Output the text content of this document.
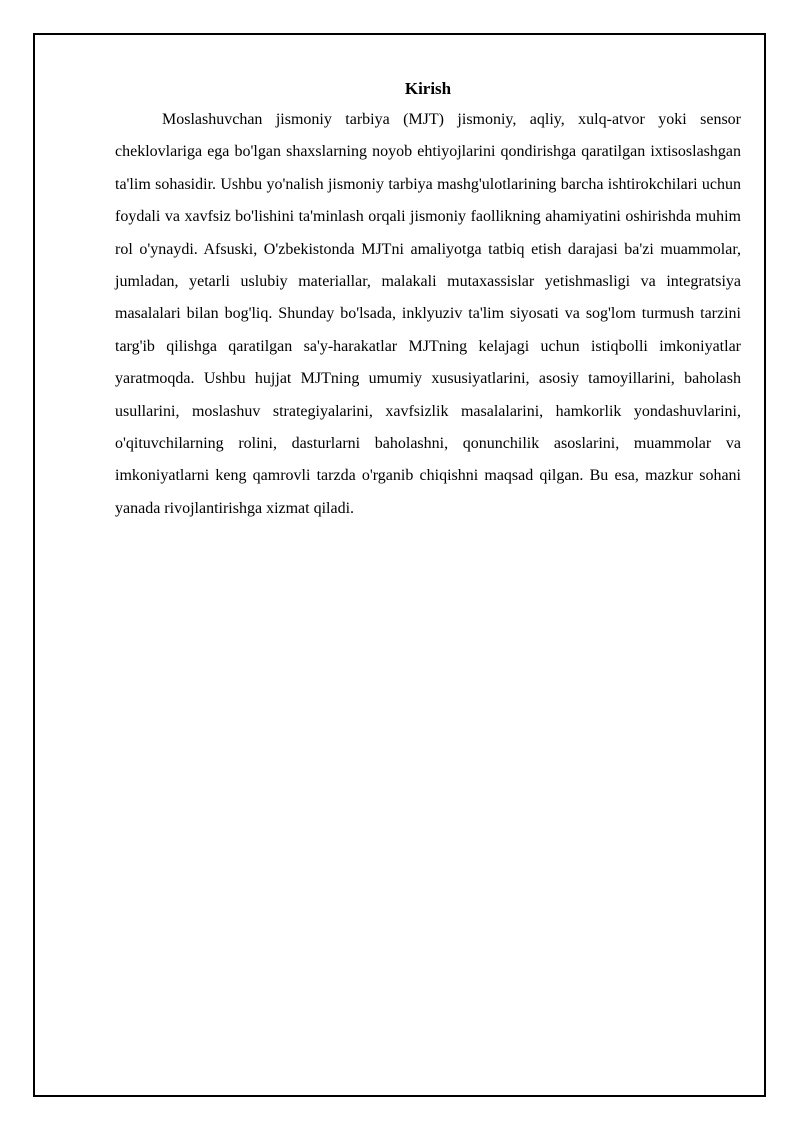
Kirish

Moslashuvchan jismoniy tarbiya (MJT) jismoniy, aqliy, xulq-atvor yoki sensor cheklovlariga ega bo'lgan shaxslarning noyob ehtiyojlarini qondirishga qaratilgan ixtisoslashgan ta'lim sohasidir. Ushbu yo'nalish jismoniy tarbiya mashg'ulotlarining barcha ishtirokchilari uchun foydali va xavfsiz bo'lishini ta'minlash orqali jismoniy faollikning ahamiyatini oshirishda muhim rol o'ynaydi. Afsuski, O'zbekistonda MJTni amaliyotga tatbiq etish darajasi ba'zi muammolar, jumladan, yetarli uslubiy materiallar, malakali mutaxassislar yetishmasligi va integratsiya masalalari bilan bog'liq. Shunday bo'lsada, inklyuziv ta'lim siyosati va sog'lom turmush tarzini targ'ib qilishga qaratilgan sa'y-harakatlar MJTning kelajagi uchun istiqbolli imkoniyatlar yaratmoqda. Ushbu hujjat MJTning umumiy xususiyatlarini, asosiy tamoyillarini, baholash usullarini, moslashuv strategiyalarini, xavfsizlik masalalarini, hamkorlik yondashuvlarini, o'qituvchilarning rolini, dasturlarni baholashni, qonunchilik asoslarini, muammolar va imkoniyatlarni keng qamrovli tarzda o'rganib chiqishni maqsad qilgan. Bu esa, mazkur sohani yanada rivojlantirishga xizmat qiladi.
